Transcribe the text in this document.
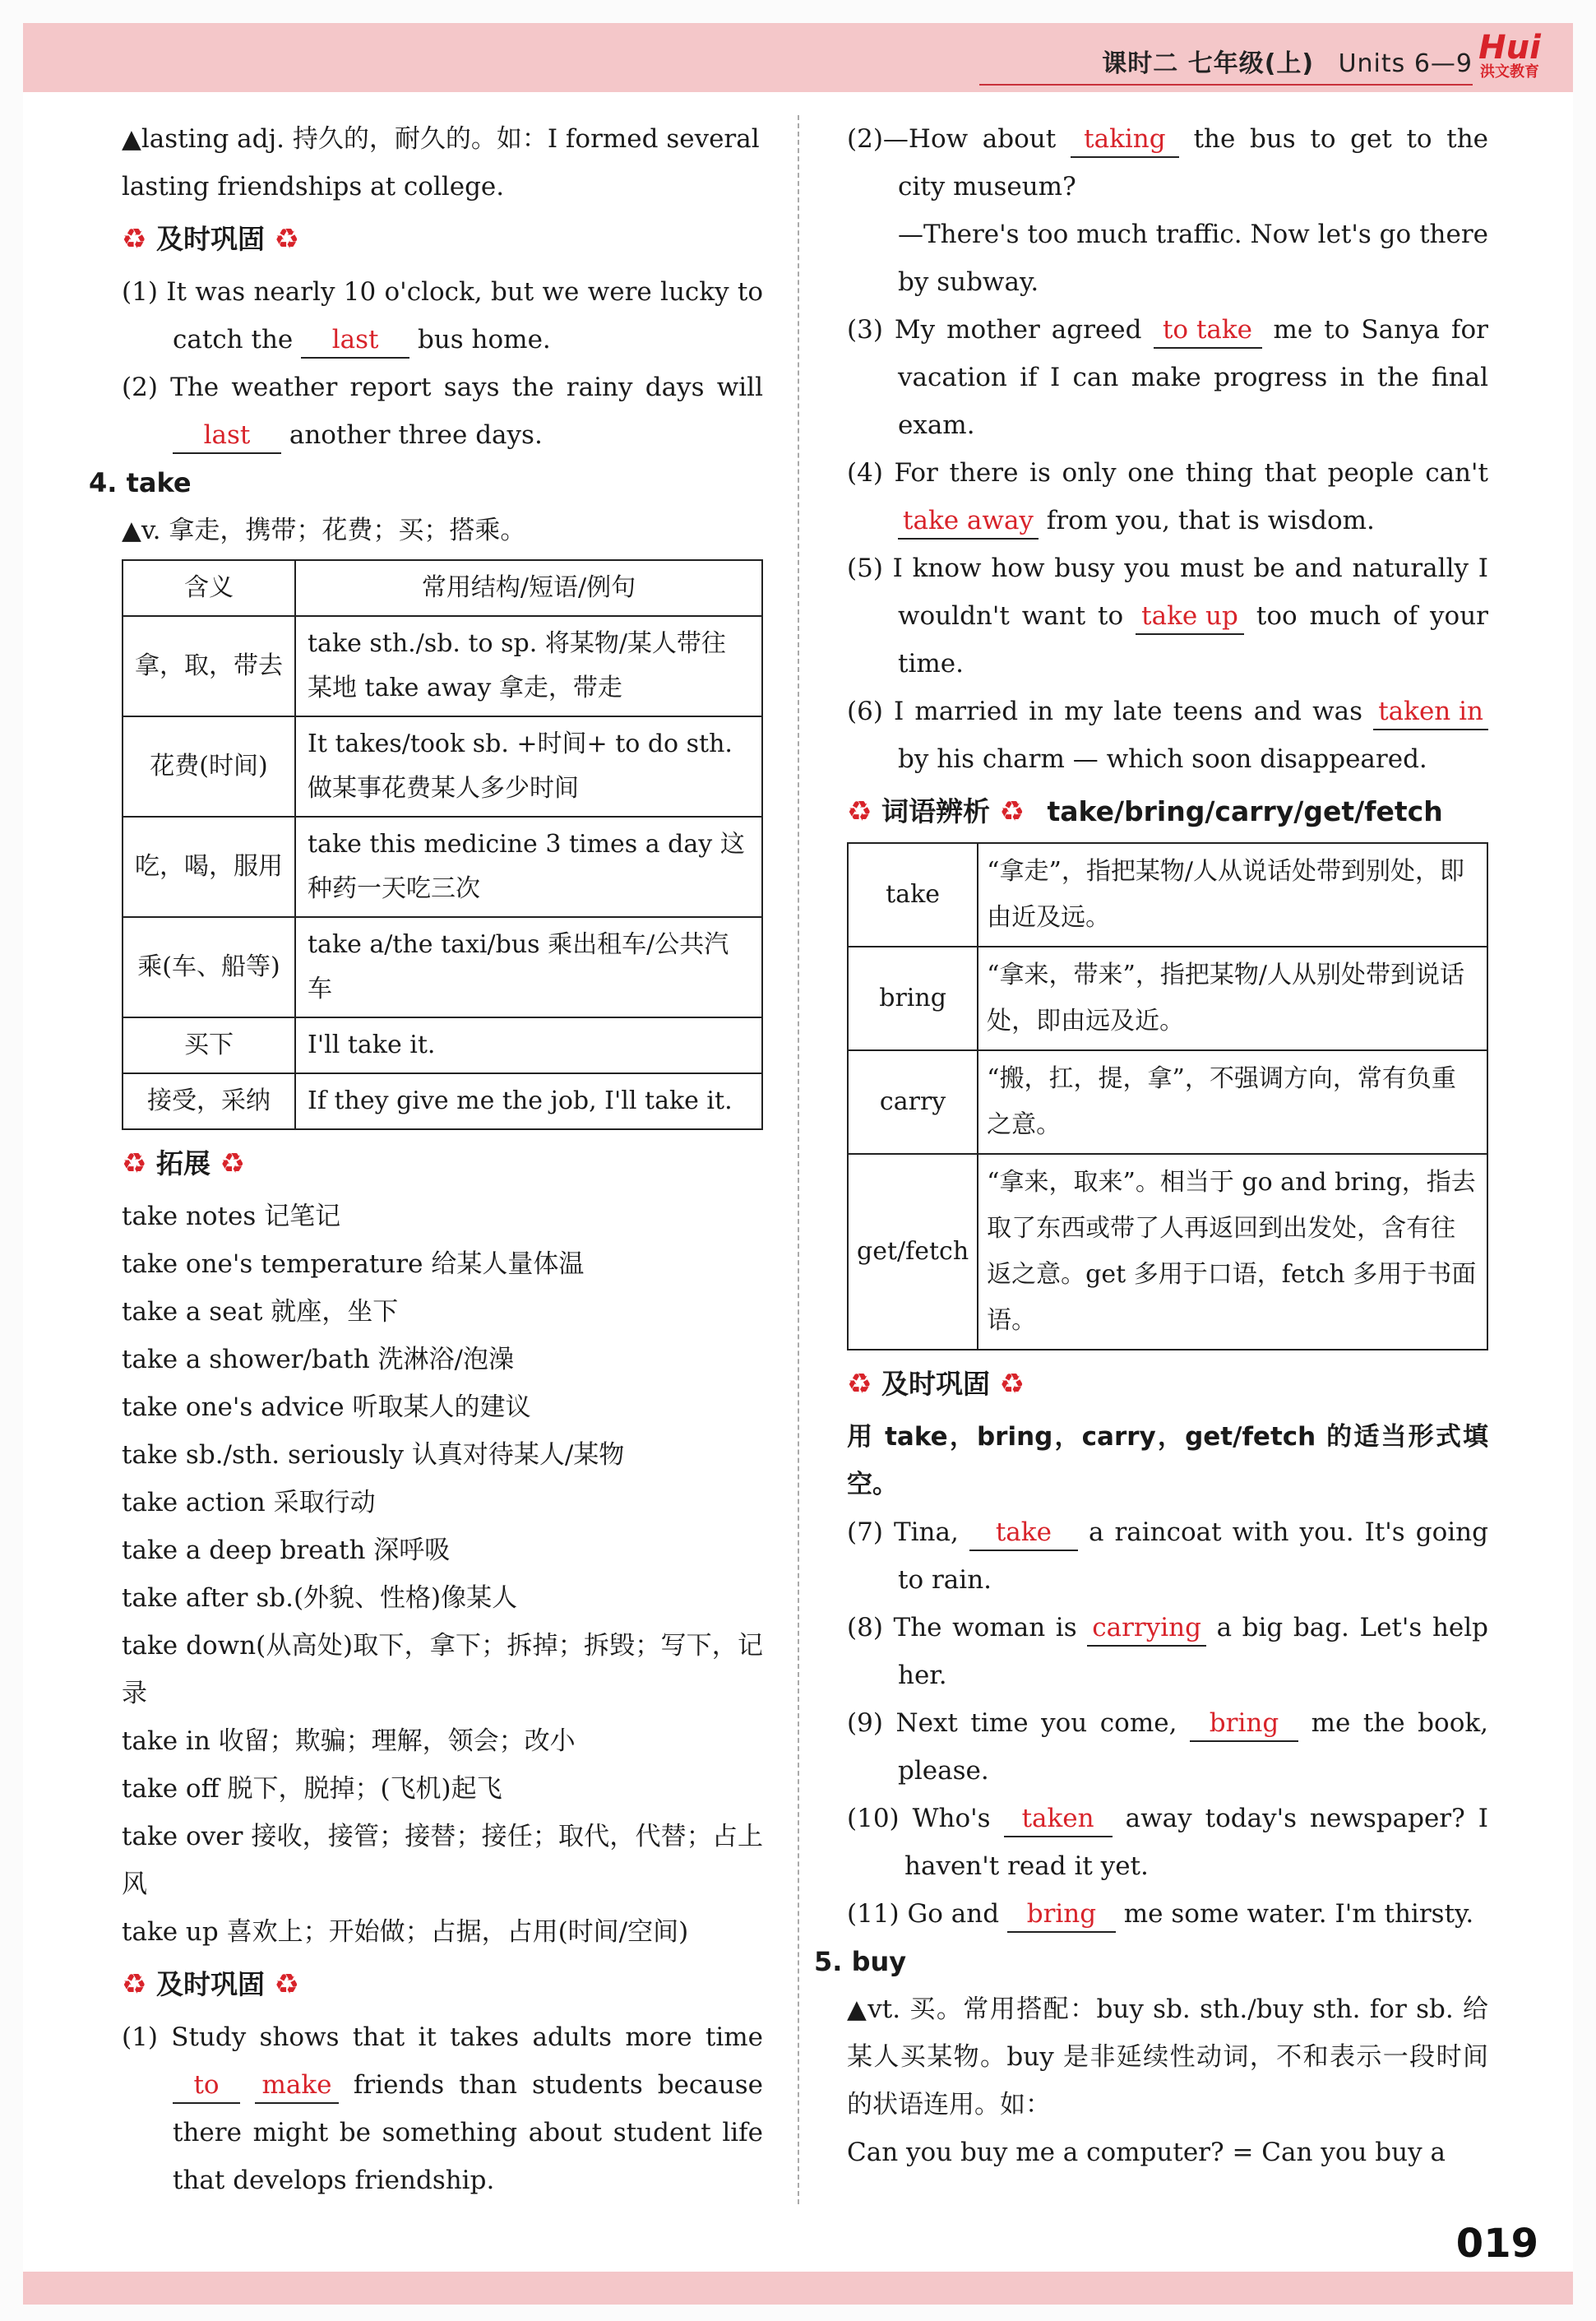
课时二 七年级(上) Units 6—9 Hui
洪文教育

▲lasting adj. 持久的，耐久的。如：I formed several

lasting friendships at college.

♻ 及时巩固 ♻

(1) It was nearly 10 o'clock, but we were lucky to catch the last bus home.

(2) The weather report says the rainy days will last another three days.

4. take

▲v. 拿走，携带；花费；买；搭乘。

含义	常用结构/短语/例句
拿，取，带去	take sth./sb. to sp. 将某物/某人带往某地 take away 拿走，带走
花费(时间)	It takes/took sb. +时间+ to do sth. 做某事花费某人多少时间
吃，喝，服用	take this medicine 3 times a day 这种药一天吃三次
乘(车、船等)	take a/the taxi/bus 乘出租车/公共汽车
买下	I'll take it.
接受，采纳	If they give me the job, I'll take it.
♻ 拓展 ♻

take notes 记笔记

take one's temperature 给某人量体温

take a seat 就座，坐下

take a shower/bath 洗淋浴/泡澡

take one's advice 听取某人的建议

take sb./sth. seriously 认真对待某人/某物

take action 采取行动

take a deep breath 深呼吸

take after sb.(外貌、性格)像某人

take down(从高处)取下，拿下；拆掉；拆毁；写下，记录

take in 收留；欺骗；理解，领会；改小

take off 脱下，脱掉；(飞机)起飞

take over 接收，接管；接替；接任；取代，代替；占上风

take up 喜欢上；开始做；占据，占用(时间/空间)

♻ 及时巩固 ♻

(1) Study shows that it takes adults more time to make friends than students because there might be something about student life that develops friendship.

(2)—How about taking the bus to get to the city museum?

—There's too much traffic. Now let's go there by subway.

(3) My mother agreed to take me to Sanya for vacation if I can make progress in the final exam.

(4) For there is only one thing that people can't take away from you, that is wisdom.

(5) I know how busy you must be and naturally I wouldn't want to take up too much of your time.

(6) I married in my late teens and was taken in by his charm — which soon disappeared.

♻ 词语辨析 ♻ take/bring/carry/get/fetch
take	“拿走”，指把某物/人从说话处带到别处，即由近及远。
bring	“拿来，带来”，指把某物/人从别处带到说话处，即由远及近。
carry	“搬，扛，提，拿”，不强调方向，常有负重之意。
get/fetch	“拿来，取来”。相当于 go and bring，指去取了东西或带了人再返回到出发处，含有往返之意。get 多用于口语，fetch 多用于书面语。
♻ 及时巩固 ♻

用 take，bring，carry，get/fetch 的适当形式填空。

(7) Tina, take a raincoat with you. It's going to rain.

(8) The woman is carrying a big bag. Let's help her.

(9) Next time you come, bring me the book, please.

(10) Who's taken away today's newspaper? I haven't read it yet.

(11) Go and bring me some water. I'm thirsty.

5. buy

▲vt. 买。常用搭配：buy sb. sth./buy sth. for sb. 给某人买某物。buy 是非延续性动词，不和表示一段时间的状语连用。如：

Can you buy me a computer? = Can you buy a

019
